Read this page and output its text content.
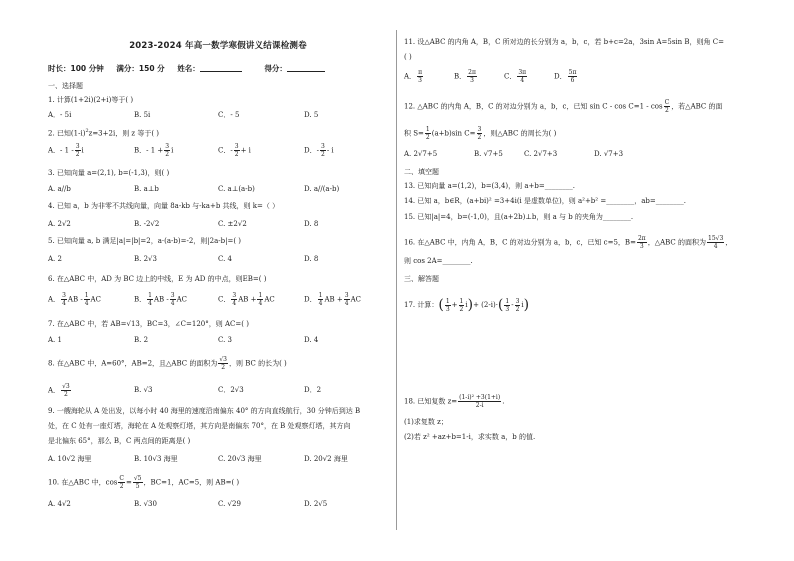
2023-2024 年高一数学寒假讲义结课检测卷
时长：100 分钟 满分：150 分 姓名：	得分：
一、选择题
1. 计算(1+2i)(2+i)等于( )
A．- 5i	B. 5i	C．- 5	D. 5
2. 已知$(1-i)^2z=3+2i$，则 z 等于( )
A．- $1 - \frac{3}{2}$ i	B．- $1 + \frac{3}{2}$ i	C．- $\frac{3}{2} + i$	D．- $\frac{3}{2}$ - i
3. 已知向量 a=(2,1), b=(-1,3)，则( )
A. a//b	B. a⊥b	C. a⊥(a-b)	D. a//(a-b)
4. 已知 a，b 为非零不共线向量，向量 8a-kb 与-ka+b 共线，则 k=（ ）
A. 2√2	B. -2√2	C. ±2√2	D. 8
5. 已知向量 a, b 满足|a|=|b|=2，a·(a-b)=-2，则|2a-b|=( )
A. 2	B. 2√3	C. 4	D. 8
6. 在△ABC 中，AD 为 BC 边上的中线，E 为 AD 的中点，则EB=( )
A． $\frac{3}{4}$ AB - $\frac{1}{4}$ AC	B． $\frac{1}{4}$ AB - $\frac{3}{4}$ AC	C． $\frac{3}{4}$ AB + $\frac{1}{4}$ AC	D． $\frac{1}{4}$ AB + $\frac{3}{4}$ AC
7. 在△ABC 中，若 AB=√13，BC=3，∠C=120°，则 AC=( )
A. 1	B. 2	C. 3	D. 4
8. 在△ABC 中，A=60°，AB=2，且△ABC 的面积为 $\frac{√3}{2}$ ，则 BC 的长为( )
A． $\frac{√3}{2}$	B. √3	C．2√3	D．2
9. 一艘海轮从 A 处出发，以每小时 40 海里的速度沿南偏东 40° 的方向直线航行，30 分钟后到达 B
处，在 C 处有一座灯塔，海轮在 A 处观察灯塔，其方向是南偏东 70°，在 B 处观察灯塔，其方向
是北偏东 65°，那么 B，C 两点间的距离是( )
A. 10√2 海里	B. 10√3 海里	C. 20√3 海里	D. 20√2 海里
10. 在△ABC 中，$\cos \frac{C}{2} = \frac{√5}{5}$ ，BC=1，AC=5，则 AB=( )
A. 4√2	B. √30	C. √29	D. 2√5
11. 设△ABC 的内角 A，B，C 所对边的长分别为 a，b，c，若 b+c=2a，3sin A=5sin B，则角 C=
( )
A． $\frac{\pi}{3}$	B． $\frac{2\pi}{3}$	C． $\frac{3\pi}{4}$	D． $\frac{5\pi}{6}$
12. △ABC 的内角 A，B，C 的对边分别为 a，b，c，已知 $\sin C - \cos C=1 - \cos \frac{C}{2}$ ，若△ABC 的面
积 $S= \frac{1}{2} (a+b)\sin$ $C= \frac{3}{2}$ ，则△ABC 的周长为( )
A. 2√7+5	B. √7+5	C. 2√7+3	D. √7+3
二、填空题
13. 已知向量 a=(1,2)，b=(3,4)，则 a+b=________.
14. 已知 a，b∈R，(a+bi)² =3+4i(i 是虚数单位)，则 a²+b² =________，ab=________.
15. 已知|a|=4，b=(-1,0)，且(a+2b)⊥b，则 a 与 b 的夹角为________.
16. 在△ABC 中，内角 A，B，C 的对边分别为 a，b，c，已知 c=5，$B= \frac{2\pi}{3}$ ，△ABC 的面积为 $\frac{15√3}{4}$ ，
则 cos 2A=________.
三、解答题
17. 计算：( $\frac{1}{3} + \frac{1}{2} i)+ (2-i)\cdot( \frac{1}{3} - \frac{3}{2} i)$
18. 已知复数 $z= \frac{\text{(1-i)² +3(1+i)}}{2-i}$ .
(1)求复数 z；
(2)若 z² +az+b=1-i，求实数 a，b 的值.
